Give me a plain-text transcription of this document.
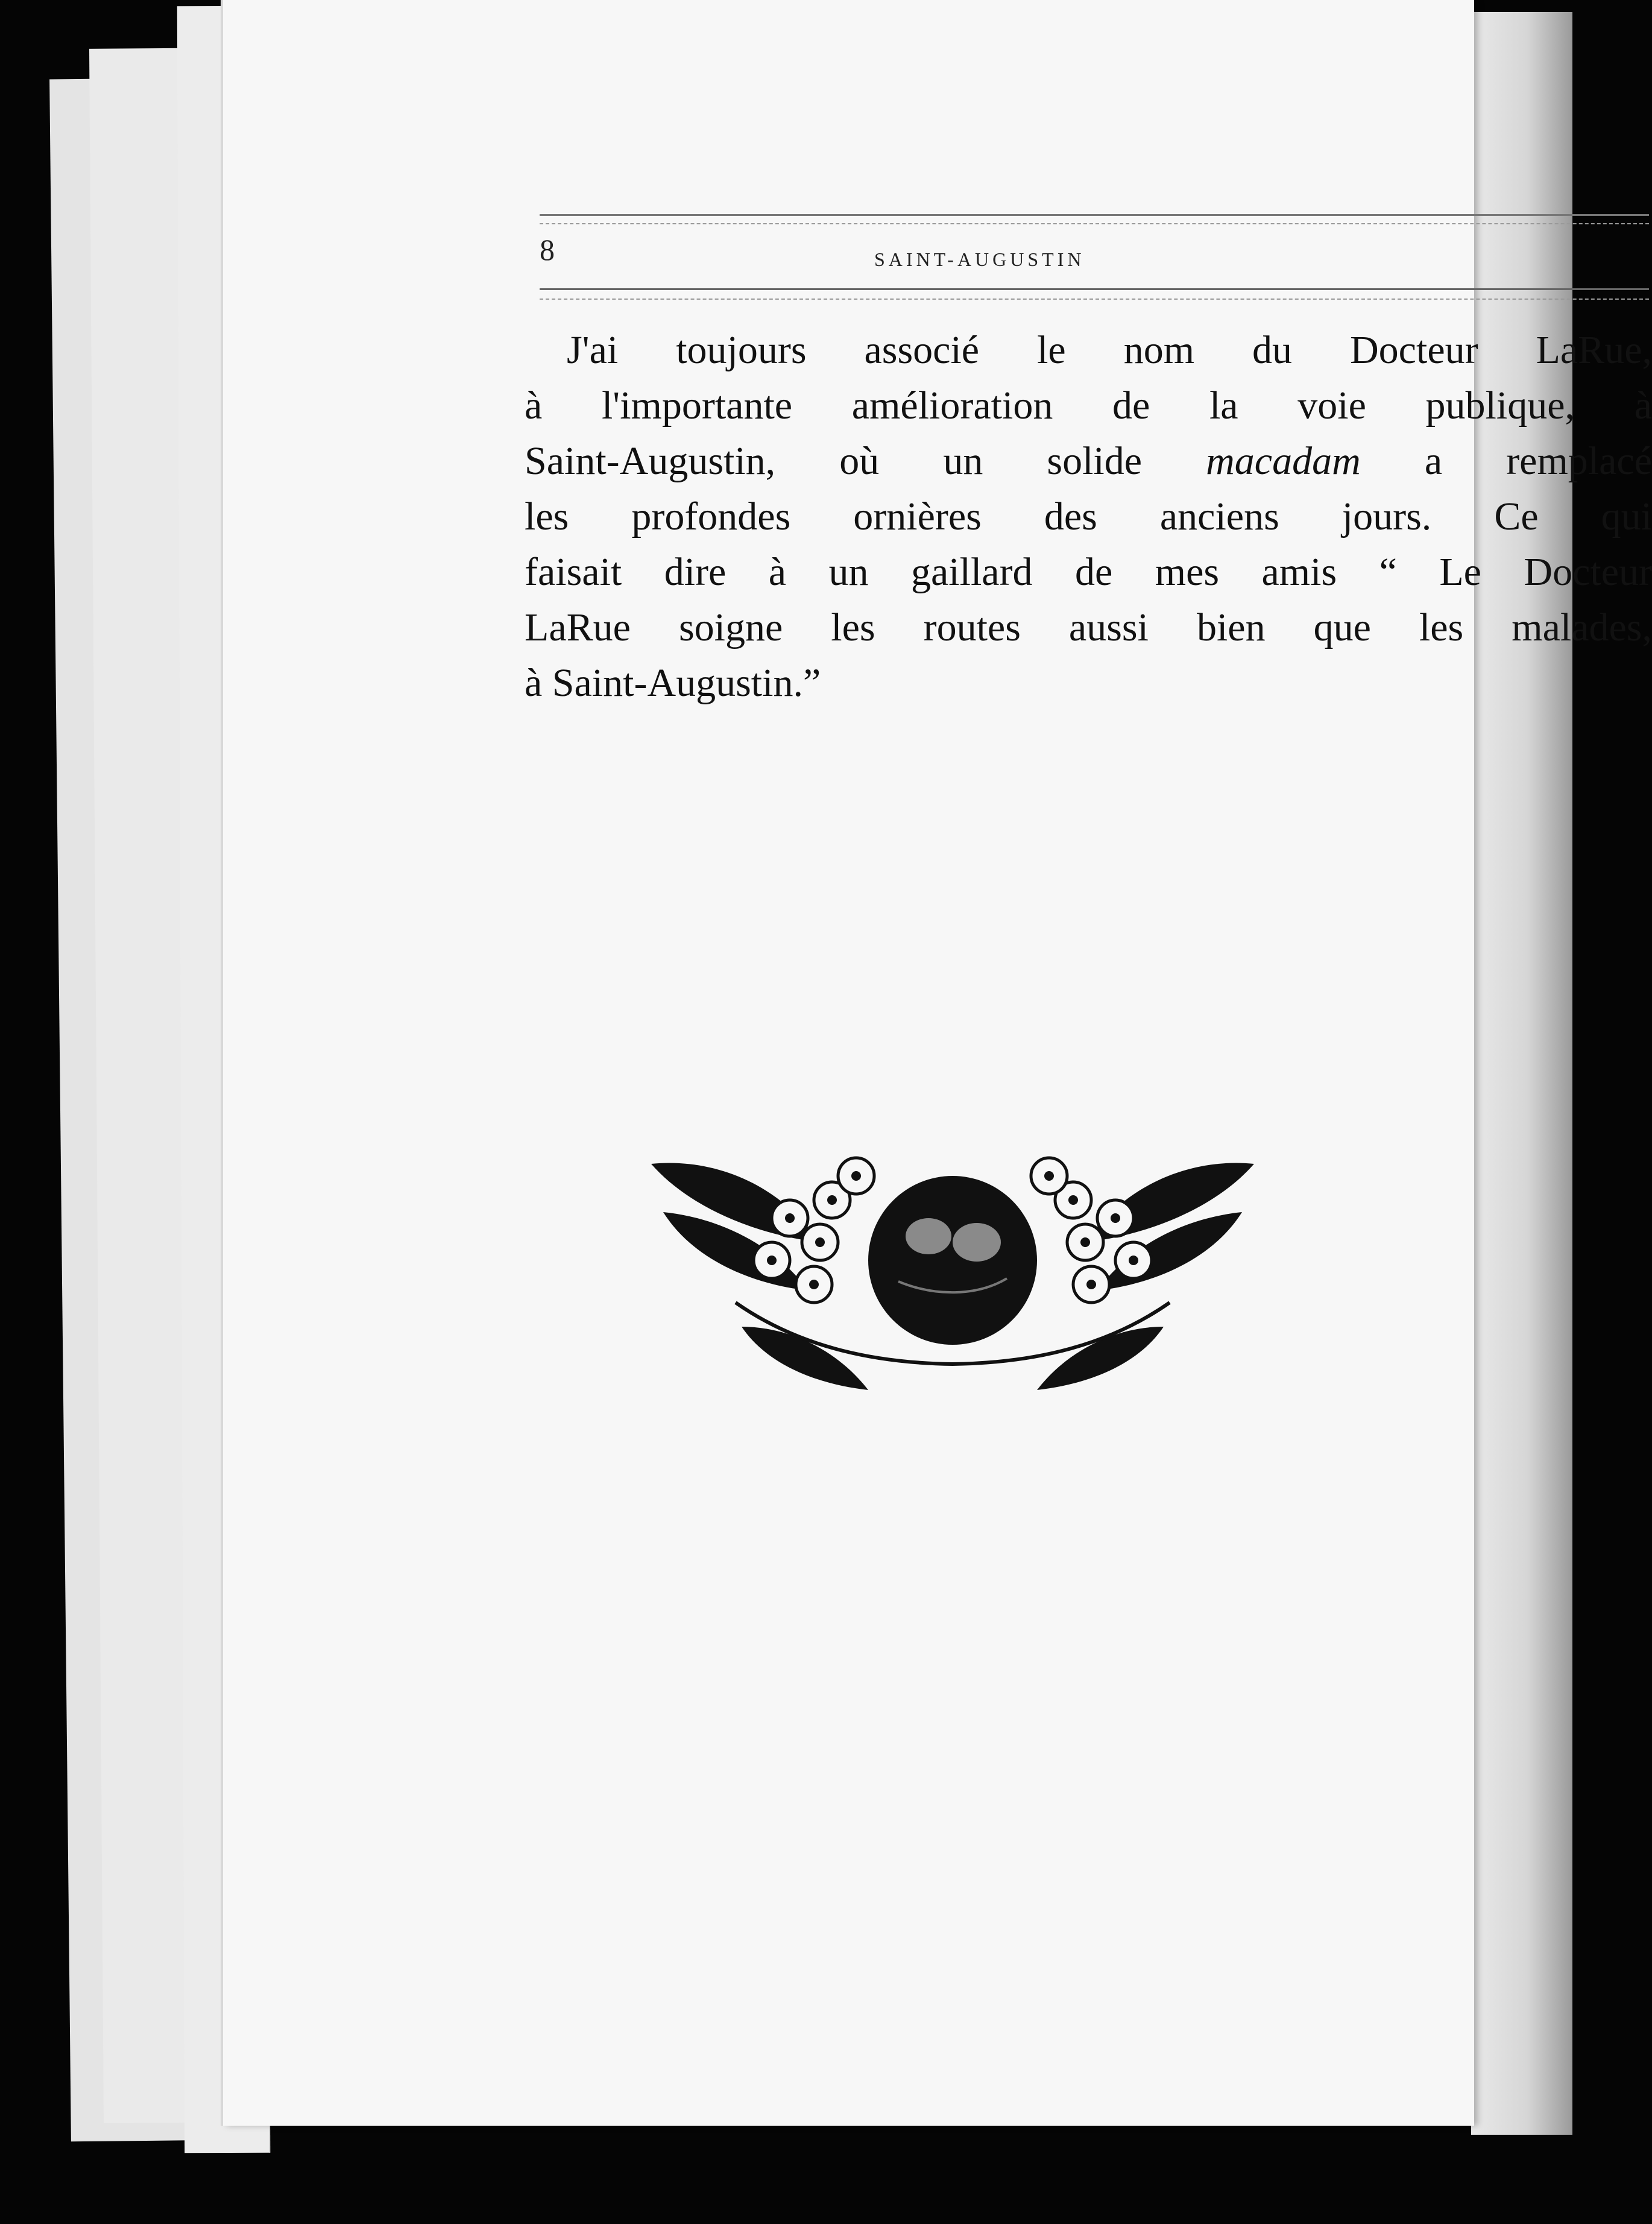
8	SAINT-AUGUSTIN
J'ai toujours associé le nom du Docteur LaRue,
à l'importante amélioration de la voie publique, à
Saint-Augustin, où un solide macadam a remplacé
les profondes ornières des anciens jours. Ce qui
faisait dire à un gaillard de mes amis “ Le Docteur
LaRue soigne les routes aussi bien que les malades,
à Saint-Augustin.”
